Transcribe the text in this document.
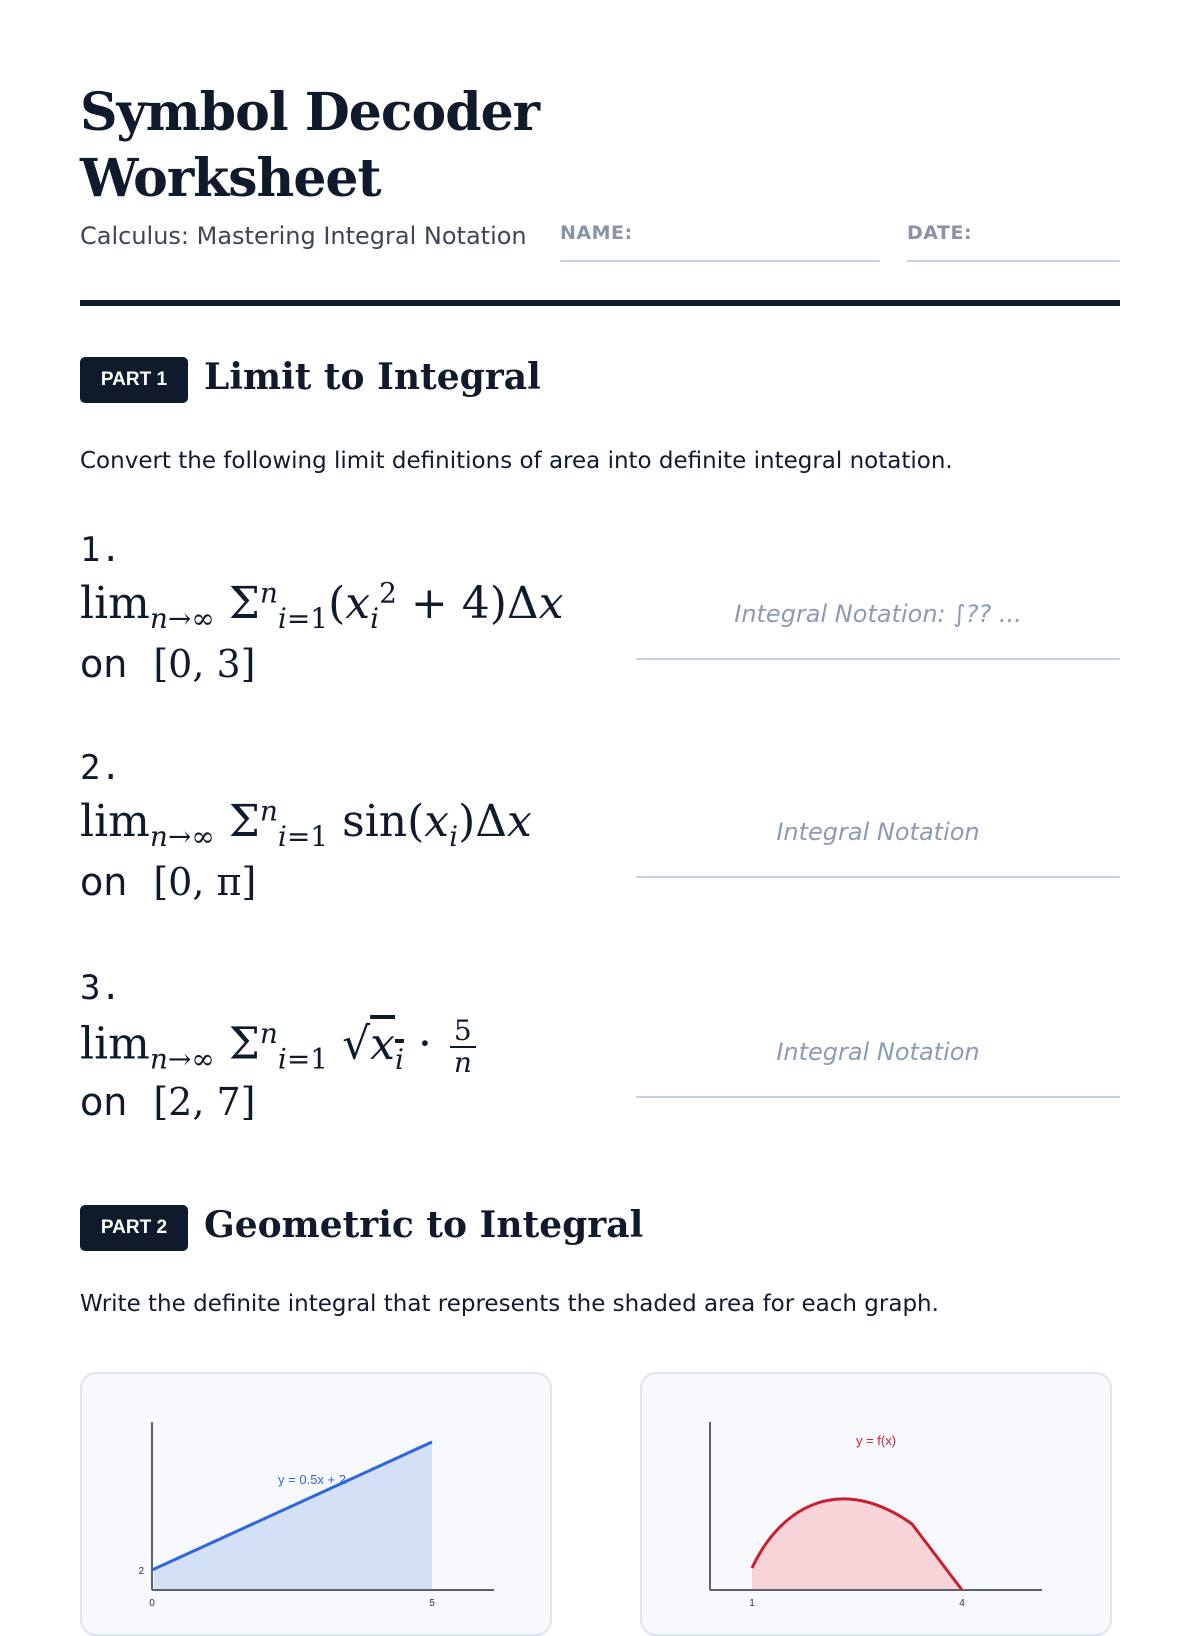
Symbol Decoder Worksheet
Calculus: Mastering Integral Notation NAME:	DATE:
PART 1	Limit to Integral
Convert the following limit definitions of area into definite integral notation.
1.
$\lim_{n\to\infty} \Sigma^n_{i=1}(x_i^2 + 4)\Delta x$
on [0, 3]
Integral Notation: ∫?? ...
2.
$\lim_{n\to\infty} \Sigma^n_{i=1}$ $\sin(x_i)\Delta x$
on [0, π]
Integral Notation
3.
$\lim_{n\to\infty} \Sigma^n_{i=1}$ $√x_i \cdot \frac{5}{n}$
on [2, 7]
Integral Notation
PART 2	Geometric to Integral
Write the definite integral that represents the shaded area for each graph.
y = 0.5x + 2
2
0	5
y = f(x)
1	4
